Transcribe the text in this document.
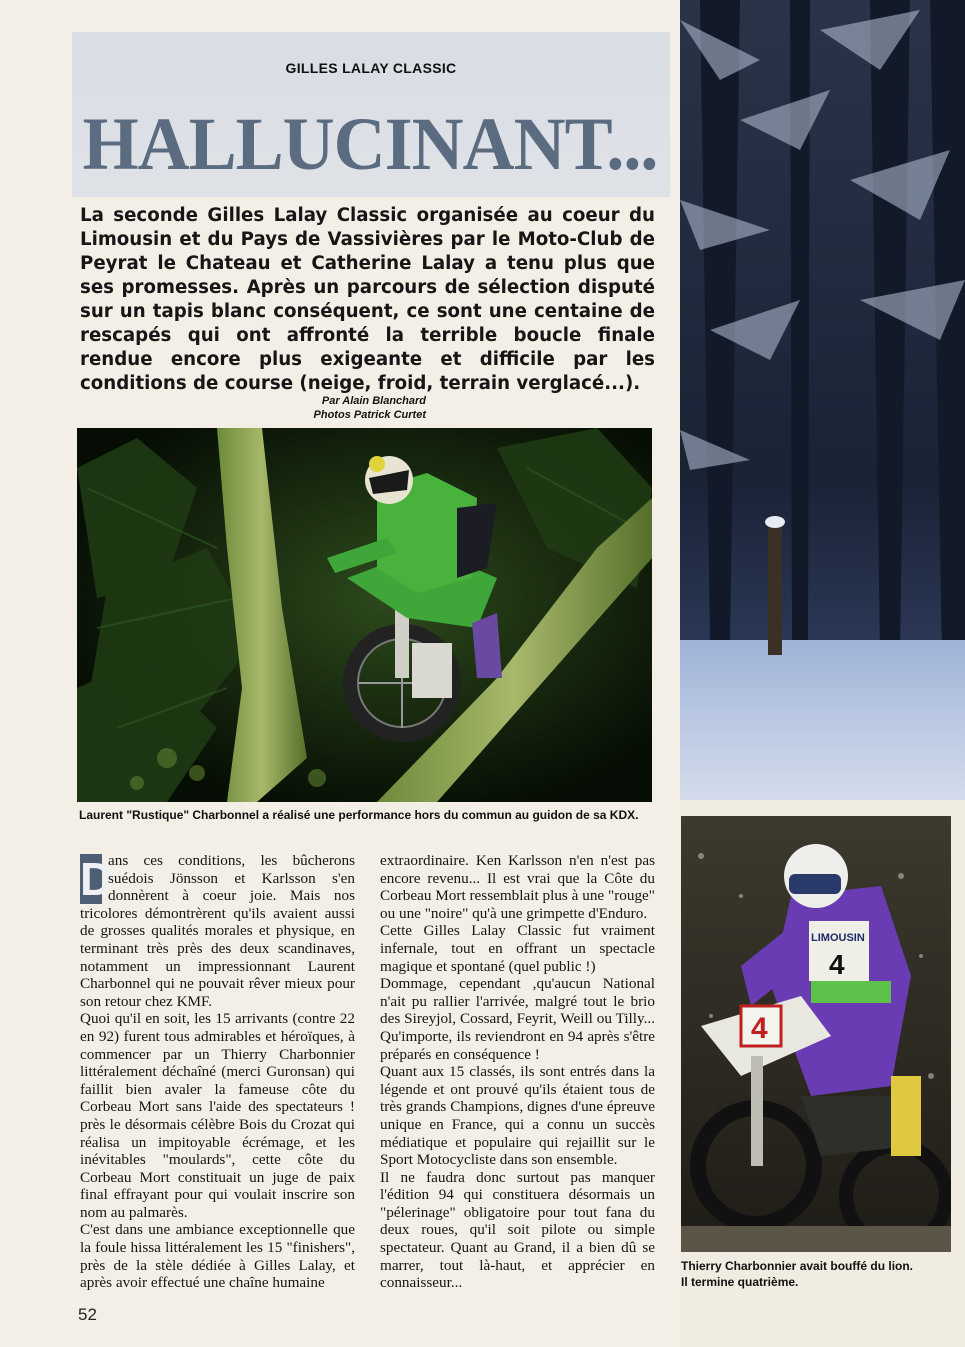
GILLES LALAY CLASSIC
HALLUCINANT...
La seconde Gilles Lalay Classic organisée au coeur du Limousin et du Pays de Vassivières par le Moto-Club de Peyrat le Chateau et Catherine Lalay a tenu plus que ses promesses. Après un parcours de sélection disputé sur un tapis blanc conséquent, ce sont une centaine de rescapés qui ont affronté la terrible boucle finale rendue encore plus exigeante et difficile par les conditions de course (neige, froid, terrain verglacé...).
Par Alain Blanchard
Photos Patrick Curtet
Laurent "Rustique" Charbonnel a réalisé une performance hors du commun au guidon de sa KDX.

D
ans ces conditions, les bûcherons suédois Jönsson et Karlsson s'en donnèrent à coeur joie. Mais nos tricolores démontrèrent qu'ils avaient aussi de grosses qualités morales et physique, en terminant très près des deux scandinaves, notamment un impressionnant Laurent Charbonnel qui ne pouvait rêver mieux pour son retour chez KMF.

Quoi qu'il en soit, les 15 arrivants (contre 22 en 92) furent tous admirables et héroïques, à commencer par un Thierry Charbonnier littéralement déchaîné (merci Guronsan) qui faillit bien avaler la fameuse côte du Corbeau Mort sans l'aide des spectateurs ! près le désormais célèbre Bois du Crozat qui réalisa un impitoyable écrémage, et les inévitables "moulards", cette côte du Corbeau Mort constituait un juge de paix final effrayant pour qui voulait inscrire son nom au palmarès.

C'est dans une ambiance exceptionnelle que la foule hissa littéralement les 15 "finishers", près de la stèle dédiée à Gilles Lalay, et après avoir effectué une chaîne humaine

extraordinaire. Ken Karlsson n'en n'est pas encore revenu... Il est vrai que la Côte du Corbeau Mort ressemblait plus à une "rouge" ou une "noire" qu'à une grimpette d'Enduro.

Cette Gilles Lalay Classic fut vraiment infernale, tout en offrant un spectacle magique et spontané (quel public !)

Dommage, cependant ,qu'aucun National n'ait pu rallier l'arrivée, malgré tout le brio des Sireyjol, Cossard, Feyrit, Weill ou Tilly... Qu'importe, ils reviendront en 94 après s'être préparés en conséquence !

Quant aux 15 classés, ils sont entrés dans la légende et ont prouvé qu'ils étaient tous de très grands Champions, dignes d'une épreuve unique en France, qui a connu un succès médiatique et populaire qui rejaillit sur le Sport Motocycliste dans son ensemble.

Il ne faudra donc surtout pas manquer l'édition 94 qui constituera désormais un "pélerinage" obligatoire pour tout fana du deux roues, qu'il soit pilote ou simple spectateur. Quant au Grand, il a bien dû se marrer, tout là-haut, et apprécier en connaisseur...

52
LIMOUSIN
4
4
Thierry Charbonnier avait bouffé du lion.
Il termine quatrième.
